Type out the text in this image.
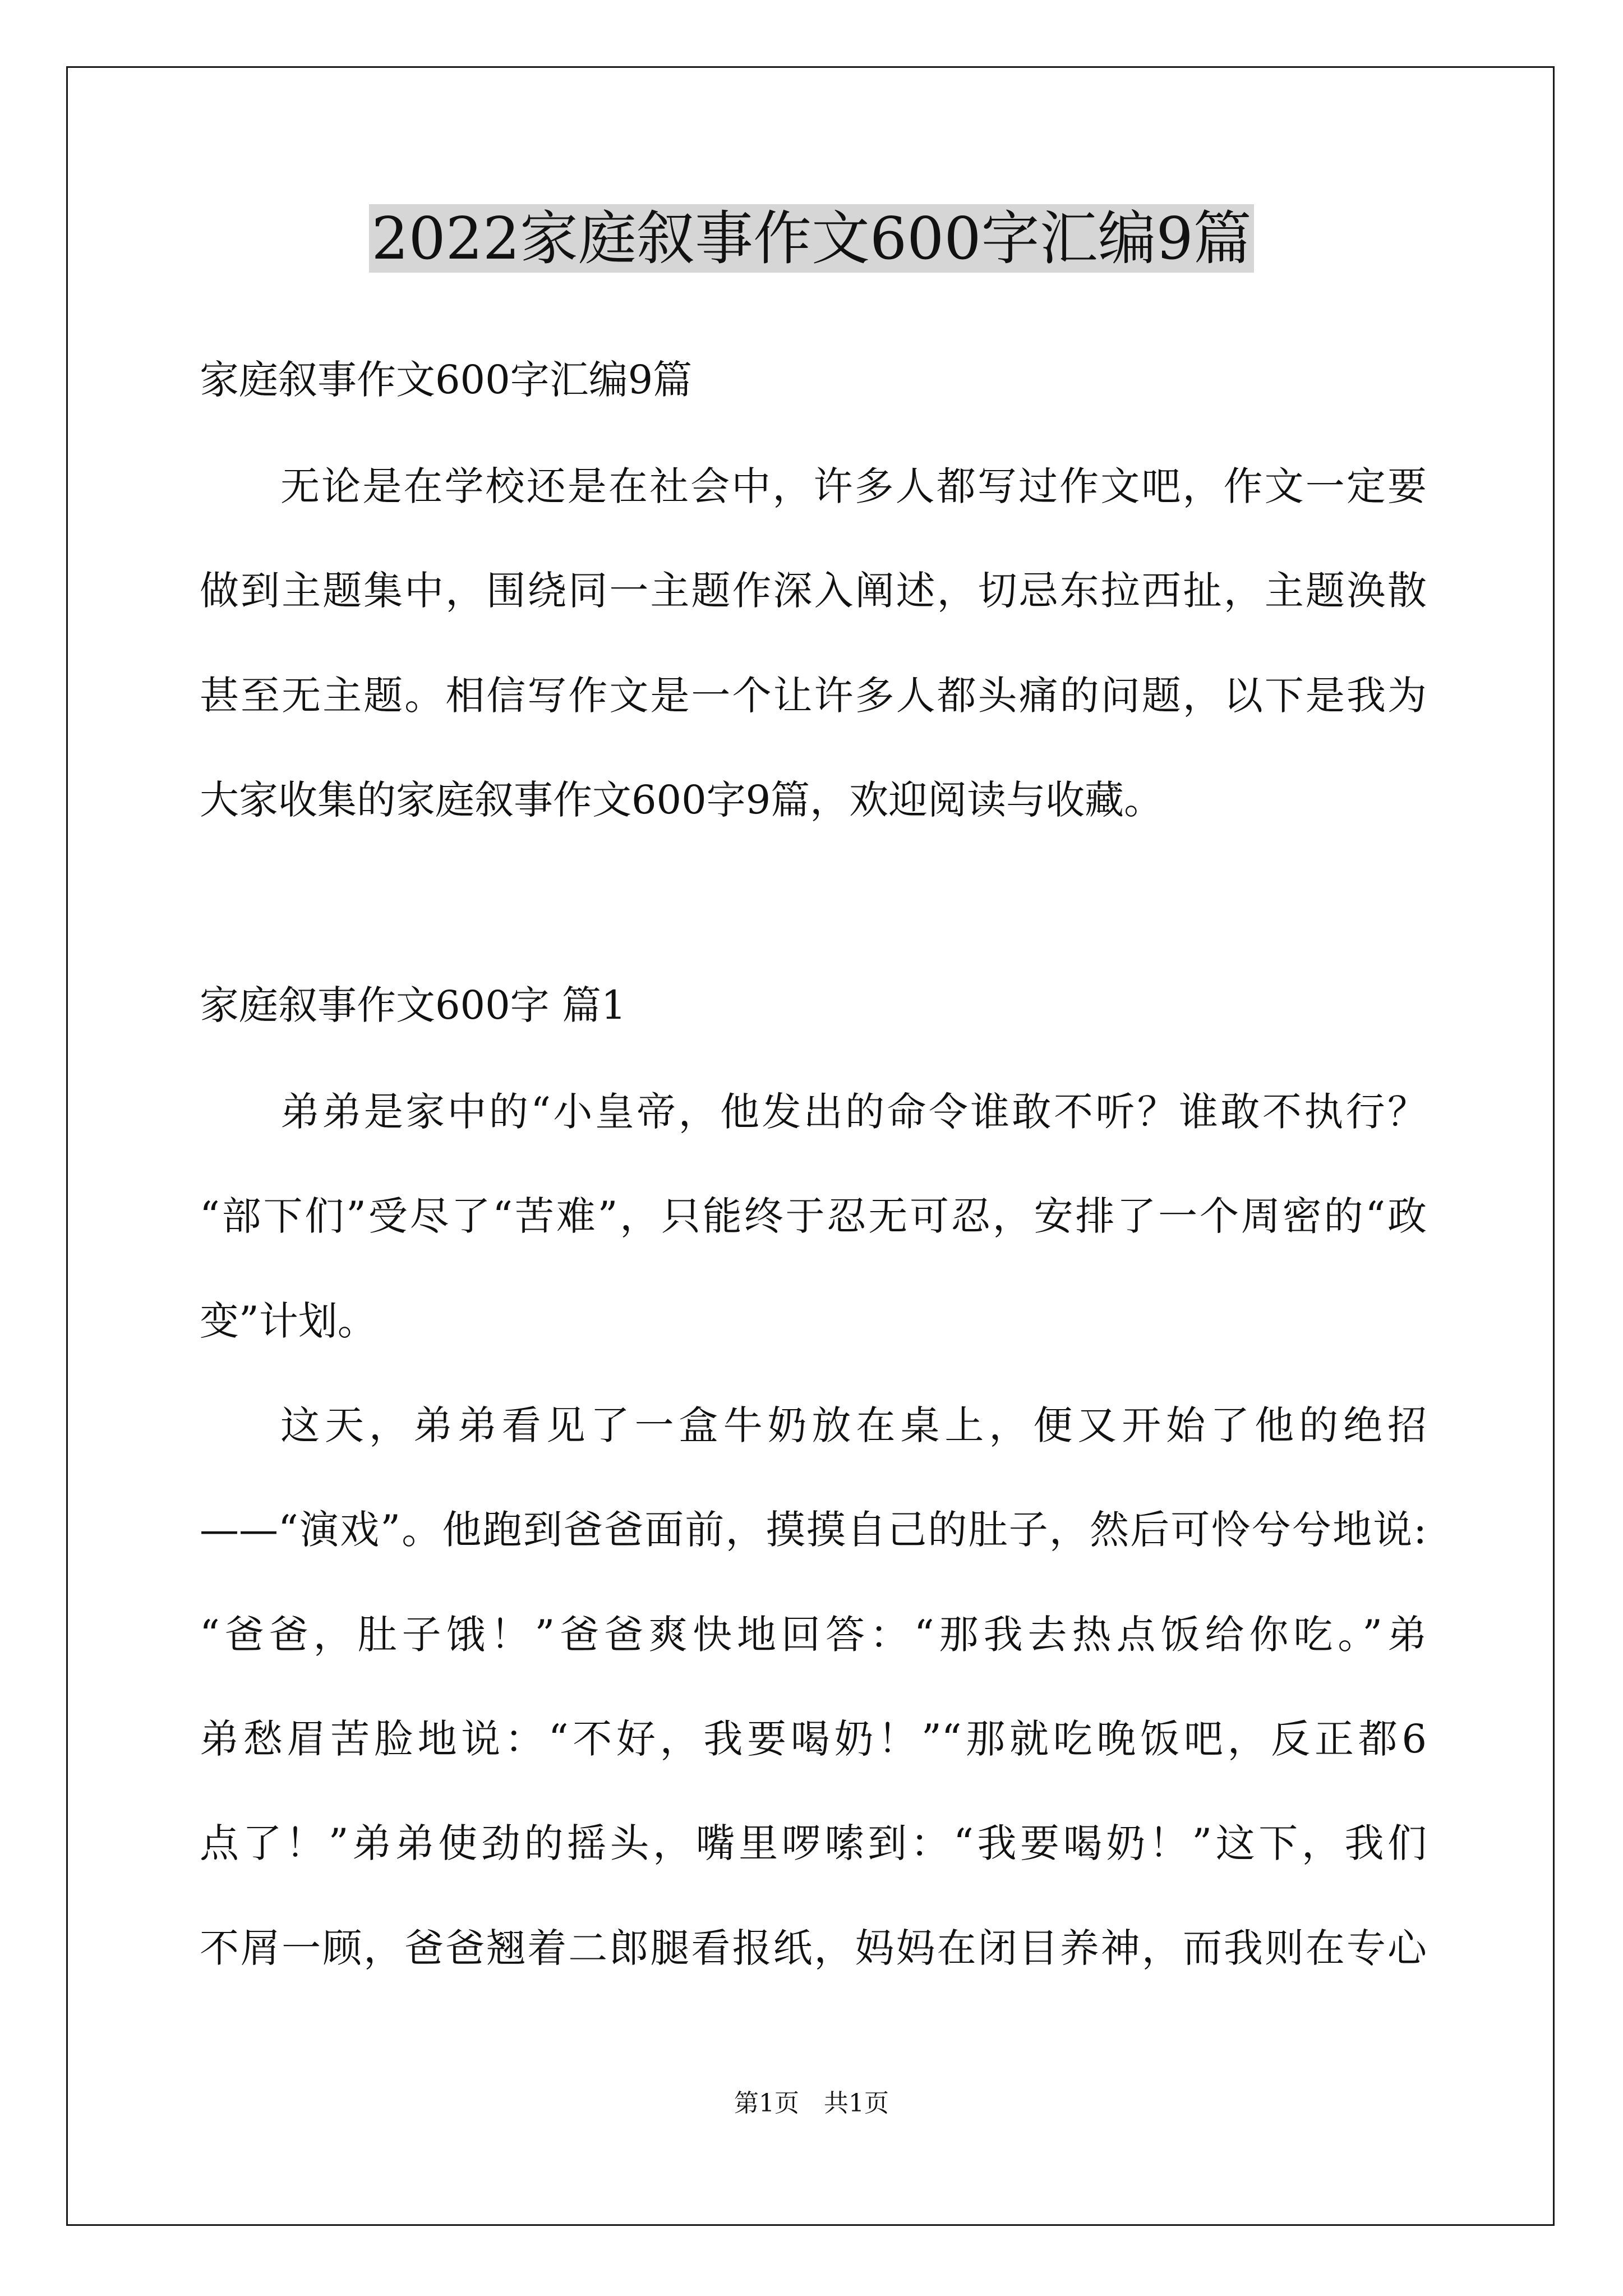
2022家庭叙事作文600字汇编9篇
家庭叙事作文600字汇编9篇
无论是在学校还是在社会中，许多人都写过作文吧，作文一定要
做到主题集中，围绕同一主题作深入阐述，切忌东拉西扯，主题涣散
甚至无主题。相信写作文是一个让许多人都头痛的问题，以下是我为
大家收集的家庭叙事作文600字9篇，欢迎阅读与收藏。
家庭叙事作文600字 篇1
弟弟是家中的“小皇帝，他发出的命令谁敢不听？谁敢不执行？
“部下们”受尽了“苦难”，只能终于忍无可忍，安排了一个周密的“政
变”计划。
这天，弟弟看见了一盒牛奶放在桌上，便又开始了他的绝招
——“演戏”。他跑到爸爸面前，摸摸自己的肚子，然后可怜兮兮地说:
“爸爸，肚子饿！”爸爸爽快地回答：“那我去热点饭给你吃。”弟
弟愁眉苦脸地说：“不好，我要喝奶！”“那就吃晚饭吧，反正都6
点了！”弟弟使劲的摇头，嘴里啰嗦到：“我要喝奶！”这下，我们
不屑一顾，爸爸翘着二郎腿看报纸，妈妈在闭目养神，而我则在专心
第1页　共1页
